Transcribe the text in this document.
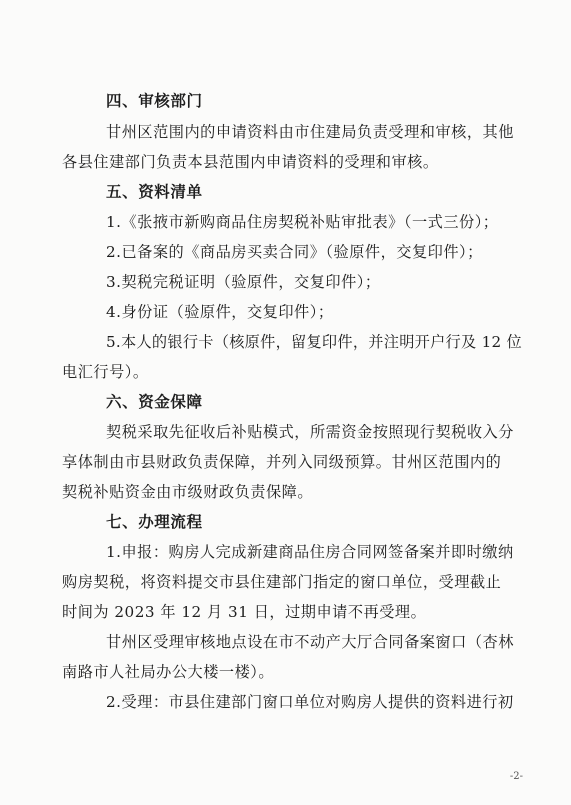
四、审核部门
甘州区范围内的申请资料由市住建局负责受理和审核，其他
各县住建部门负责本县范围内申请资料的受理和审核。
五、资料清单
1.《张掖市新购商品住房契税补贴审批表》（一式三份）；
2.已备案的《商品房买卖合同》（验原件，交复印件）；
3.契税完税证明（验原件，交复印件）；
4.身份证（验原件，交复印件）；
5.本人的银行卡（核原件，留复印件，并注明开户行及 12 位
电汇行号）。
六、资金保障
契税采取先征收后补贴模式，所需资金按照现行契税收入分
享体制由市县财政负责保障，并列入同级预算。甘州区范围内的
契税补贴资金由市级财政负责保障。
七、办理流程
1.申报：购房人完成新建商品住房合同网签备案并即时缴纳
购房契税，将资料提交市县住建部门指定的窗口单位，受理截止
时间为 2023 年 12 月 31 日，过期申请不再受理。
甘州区受理审核地点设在市不动产大厅合同备案窗口（杏林
南路市人社局办公大楼一楼）。
2.受理：市县住建部门窗口单位对购房人提供的资料进行初
-2-
